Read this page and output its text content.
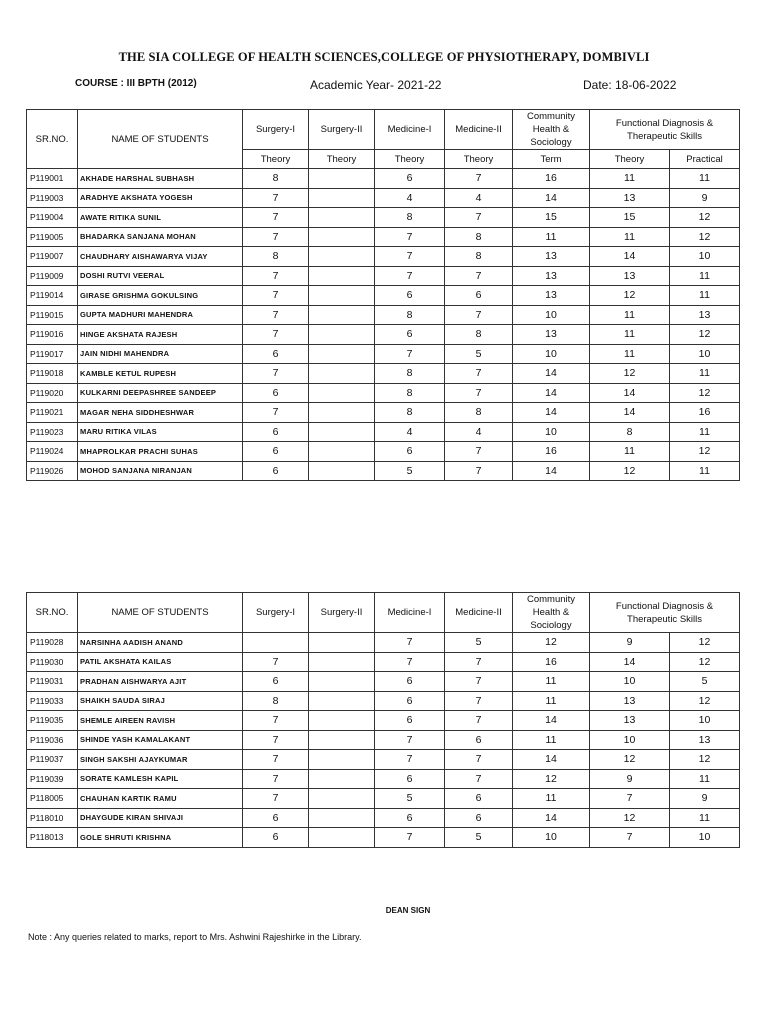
THE SIA COLLEGE OF HEALTH SCIENCES,COLLEGE OF PHYSIOTHERAPY, DOMBIVLI
COURSE : III BPTH (2012)	Academic Year- 2021-22	Date: 18-06-2022
SR.NO.	NAME OF STUDENTS	Surgery-I	Surgery-II	Medicine-I	Medicine-II	Community Health & Sociology	Functional Diagnosis & Therapeutic Skills	
		Theory	Theory	Theory	Theory	Term	Theory	Practical
P119001	AKHADE HARSHAL SUBHASH	8		6	7	16	11	11
P119003	ARADHYE AKSHATA YOGESH	7		4	4	14	13	9
P119004	AWATE RITIKA SUNIL	7		8	7	15	15	12
P119005	BHADARKA SANJANA MOHAN	7		7	8	11	11	12
P119007	CHAUDHARY AISHAWARYA VIJAY	8		7	8	13	14	10
P119009	DOSHI RUTVI VEERAL	7		7	7	13	13	11
P119014	GIRASE GRISHMA GOKULSING	7		6	6	13	12	11
P119015	GUPTA MADHURI MAHENDRA	7		8	7	10	11	13
P119016	HINGE AKSHATA RAJESH	7		6	8	13	11	12
P119017	JAIN NIDHI MAHENDRA	6		7	5	10	11	10
P119018	KAMBLE KETUL RUPESH	7		8	7	14	12	11
P119020	KULKARNI DEEPASHREE SANDEEP	6		8	7	14	14	12
P119021	MAGAR NEHA SIDDHESHWAR	7		8	8	14	14	16
P119023	MARU RITIKA VILAS	6		4	4	10	8	11
P119024	MHAPROLKAR PRACHI SUHAS	6		6	7	16	11	12
P119026	MOHOD SANJANA NIRANJAN	6		5	7	14	12	11
SR.NO.	NAME OF STUDENTS	Surgery-I	Surgery-II	Medicine-I	Medicine-II	Community Health & Sociology	Functional Diagnosis & Therapeutic Skills	
P119028	NARSINHA AADISH ANAND			7	5	12	9	12
P119030	PATIL AKSHATA KAILAS	7		7	7	16	14	12
P119031	PRADHAN AISHWARYA AJIT	6		6	7	11	10	5
P119033	SHAIKH SAUDA SIRAJ	8		6	7	11	13	12
P119035	SHEMLE AIREEN RAVISH	7		6	7	14	13	10
P119036	SHINDE YASH KAMALAKANT	7		7	6	11	10	13
P119037	SINGH SAKSHI AJAYKUMAR	7		7	7	14	12	12
P119039	SORATE KAMLESH KAPIL	7		6	7	12	9	11
P118005	CHAUHAN KARTIK RAMU	7		5	6	11	7	9
P118010	DHAYGUDE KIRAN SHIVAJI	6		6	6	14	12	11
P118013	GOLE SHRUTI KRISHNA	6		7	5	10	7	10
DEAN SIGN
Note : Any queries related to marks, report to Mrs. Ashwini Rajeshirke in the Library.
